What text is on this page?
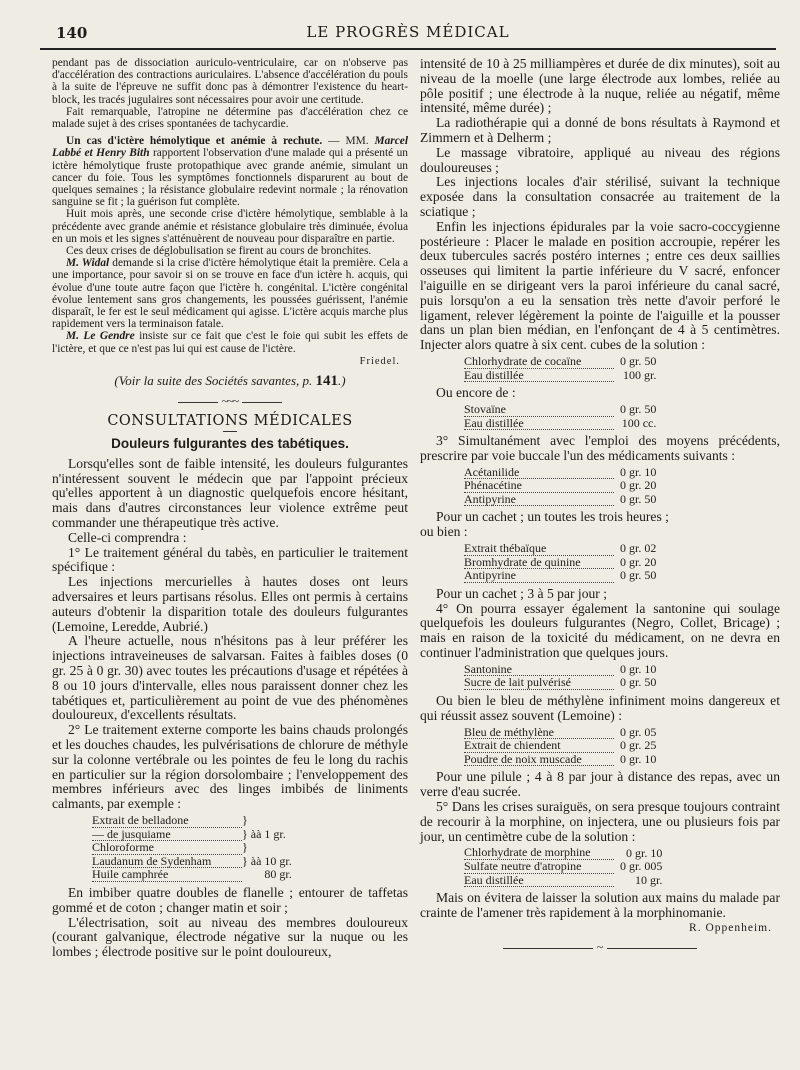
140	LE PROGRÈS MÉDICAL

pendant pas de dissociation auriculo-ventriculaire, car on n'observe pas d'accélération des contractions auriculaires. L'absence d'accélération du pouls à la suite de l'épreuve ne suffit donc pas à démontrer l'existence du heart-block, les tracés jugulaires sont nécessaires pour avoir une certitude.

Fait remarquable, l'atropine ne détermine pas d'accélération chez ce malade sujet à des crises spontanées de tachycardie.

Un cas d'ictère hémolytique et anémie à rechute. — MM. Marcel Labbé et Henry Bith rapportent l'observation d'une malade qui a présenté un ictère hémolytique fruste protopathique avec grande anémie, simulant un cancer du foie. Tous les symptômes fonctionnels disparurent au bout de quelques semaines ; la résistance globulaire redevint normale ; la rénovation sanguine se fit ; la guérison fut complète.

Huit mois après, une seconde crise d'ictère hémolytique, semblable à la précédente avec grande anémie et résistance globulaire très diminuée, évolua en un mois et les signes s'atténuèrent de nouveau pour disparaître en partie.

Ces deux crises de déglobulisation se firent au cours de bronchites.

M. Widal demande si la crise d'ictère hémolytique était la première. Cela a une importance, pour savoir si on se trouve en face d'un ictère h. acquis, qui évolue d'une toute autre façon que l'ictère h. congénital. L'ictère congénital évolue lentement sans gros changements, les poussées guérissent, l'anémie disparaît, le fer est le seul médicament qui agisse. L'ictère acquis marche plus rapidement vers la terminaison fatale.

M. Le Gendre insiste sur ce fait que c'est le foie qui subit les effets de l'ictère, et que ce n'est pas lui qui est cause de l'ictère.

Friedel.
(Voir la suite des Sociétés savantes, p. 141.)
~~~
CONSULTATIONS MÉDICALES
Douleurs fulgurantes des tabétiques.

Lorsqu'elles sont de faible intensité, les douleurs fulgurantes n'intéressent souvent le médecin que par l'appoint précieux qu'elles apportent à un diagnostic quelquefois encore hésitant, mais dans d'autres circonstances leur violence extrême peut commander une thérapeutique très active.

Celle-ci comprendra :

1° Le traitement général du tabès, en particulier le traitement spécifique :

Les injections mercurielles à hautes doses ont leurs adversaires et leurs partisans résolus. Elles ont permis à certains auteurs d'obtenir la disparition totale des douleurs fulgurantes (Lemoine, Leredde, Aubrié.)

A l'heure actuelle, nous n'hésitons pas à leur préférer les injections intraveineuses de salvarsan. Faites à faibles doses (0 gr. 25 à 0 gr. 30) avec toutes les précautions d'usage et répétées à 8 ou 10 jours d'intervalle, elles nous paraissent donner chez les tabétiques et, particulièrement au point de vue des phénomènes douloureux, d'excellents résultats.

2° Le traitement externe comporte les bains chauds prolongés et les douches chaudes, les pulvérisations de chlorure de méthyle sur la colonne vertébrale ou les pointes de feu le long du rachis en particulier sur la région dorsolombaire ; l'enveloppement des membres inférieurs avec des linges imbibés de liniments calmants, par exemple :

Extrait de belladone	}
— de jusquiame	} àà 1 gr.
Chloroforme	}
Laudanum de Sydenham	} àà 10 gr.
Huile camphrée	80 gr.

En imbiber quatre doubles de flanelle ; entourer de taffetas gommé et de coton ; changer matin et soir ;

L'électrisation, soit au niveau des membres douloureux (courant galvanique, électrode négative sur la nuque ou les lombes ; électrode positive sur le point douloureux,

intensité de 10 à 25 milliampères et durée de dix minutes), soit au niveau de la moelle (une large électrode aux lombes, reliée au pôle positif ; une électrode à la nuque, reliée au négatif, même intensité, même durée) ;

La radiothérapie qui a donné de bons résultats à Raymond et Zimmern et à Delherm ;

Le massage vibratoire, appliqué au niveau des régions douloureuses ;

Les injections locales d'air stérilisé, suivant la technique exposée dans la consultation consacrée au traitement de la sciatique ;

Enfin les injections épidurales par la voie sacro-coccygienne postérieure : Placer le malade en position accroupie, repérer les deux tubercules sacrés postéro internes ; entre ces deux saillies osseuses qui limitent la partie inférieure du V sacré, enfoncer l'aiguille en se dirigeant vers la paroi inférieure du canal sacré, puis lorsqu'on a eu la sensation très nette d'avoir perforé le ligament, relever légèrement la pointe de l'aiguille et la pousser dans un plan bien médian, en l'enfonçant de 4 à 5 centimètres. Injecter alors quatre à six cent. cubes de la solution :

Chlorhydrate de cocaïne	0 gr. 50
Eau distillée	100 gr.

Ou encore de :

Stovaïne	0 gr. 50
Eau distillée	100 cc.

3° Simultanément avec l'emploi des moyens précédents, prescrire par voie buccale l'un des médicaments suivants :

Acétanilide	0 gr. 10
Phénacétine	0 gr. 20
Antipyrine	0 gr. 50

Pour un cachet ; un toutes les trois heures ;

ou bien :

Extrait thébaïque	0 gr. 02
Bromhydrate de quinine	0 gr. 20
Antipyrine	0 gr. 50

Pour un cachet ; 3 à 5 par jour ;

4° On pourra essayer également la santonine qui soulage quelquefois les douleurs fulgurantes (Negro, Collet, Bricage) ; mais en raison de la toxicité du médicament, on ne devra en continuer l'administration que quelques jours.

Santonine	0 gr. 10
Sucre de lait pulvérisé	0 gr. 50

Ou bien le bleu de méthylène infiniment moins dangereux et qui réussit assez souvent (Lemoine) :

Bleu de méthylène	0 gr. 05
Extrait de chiendent	0 gr. 25
Poudre de noix muscade	0 gr. 10

Pour une pilule ; 4 à 8 par jour à distance des repas, avec un verre d'eau sucrée.

5° Dans les crises suraiguës, on sera presque toujours contraint de recourir à la morphine, on injectera, une ou plusieurs fois par jour, un centimètre cube de la solution :

Chlorhydrate de morphine	0 gr. 10
Sulfate neutre d'atropine	0 gr. 005
Eau distillée	10 gr.

Mais on évitera de laisser la solution aux mains du malade par crainte de l'amener très rapidement à la morphinomanie.

R. Oppenheim.
~
